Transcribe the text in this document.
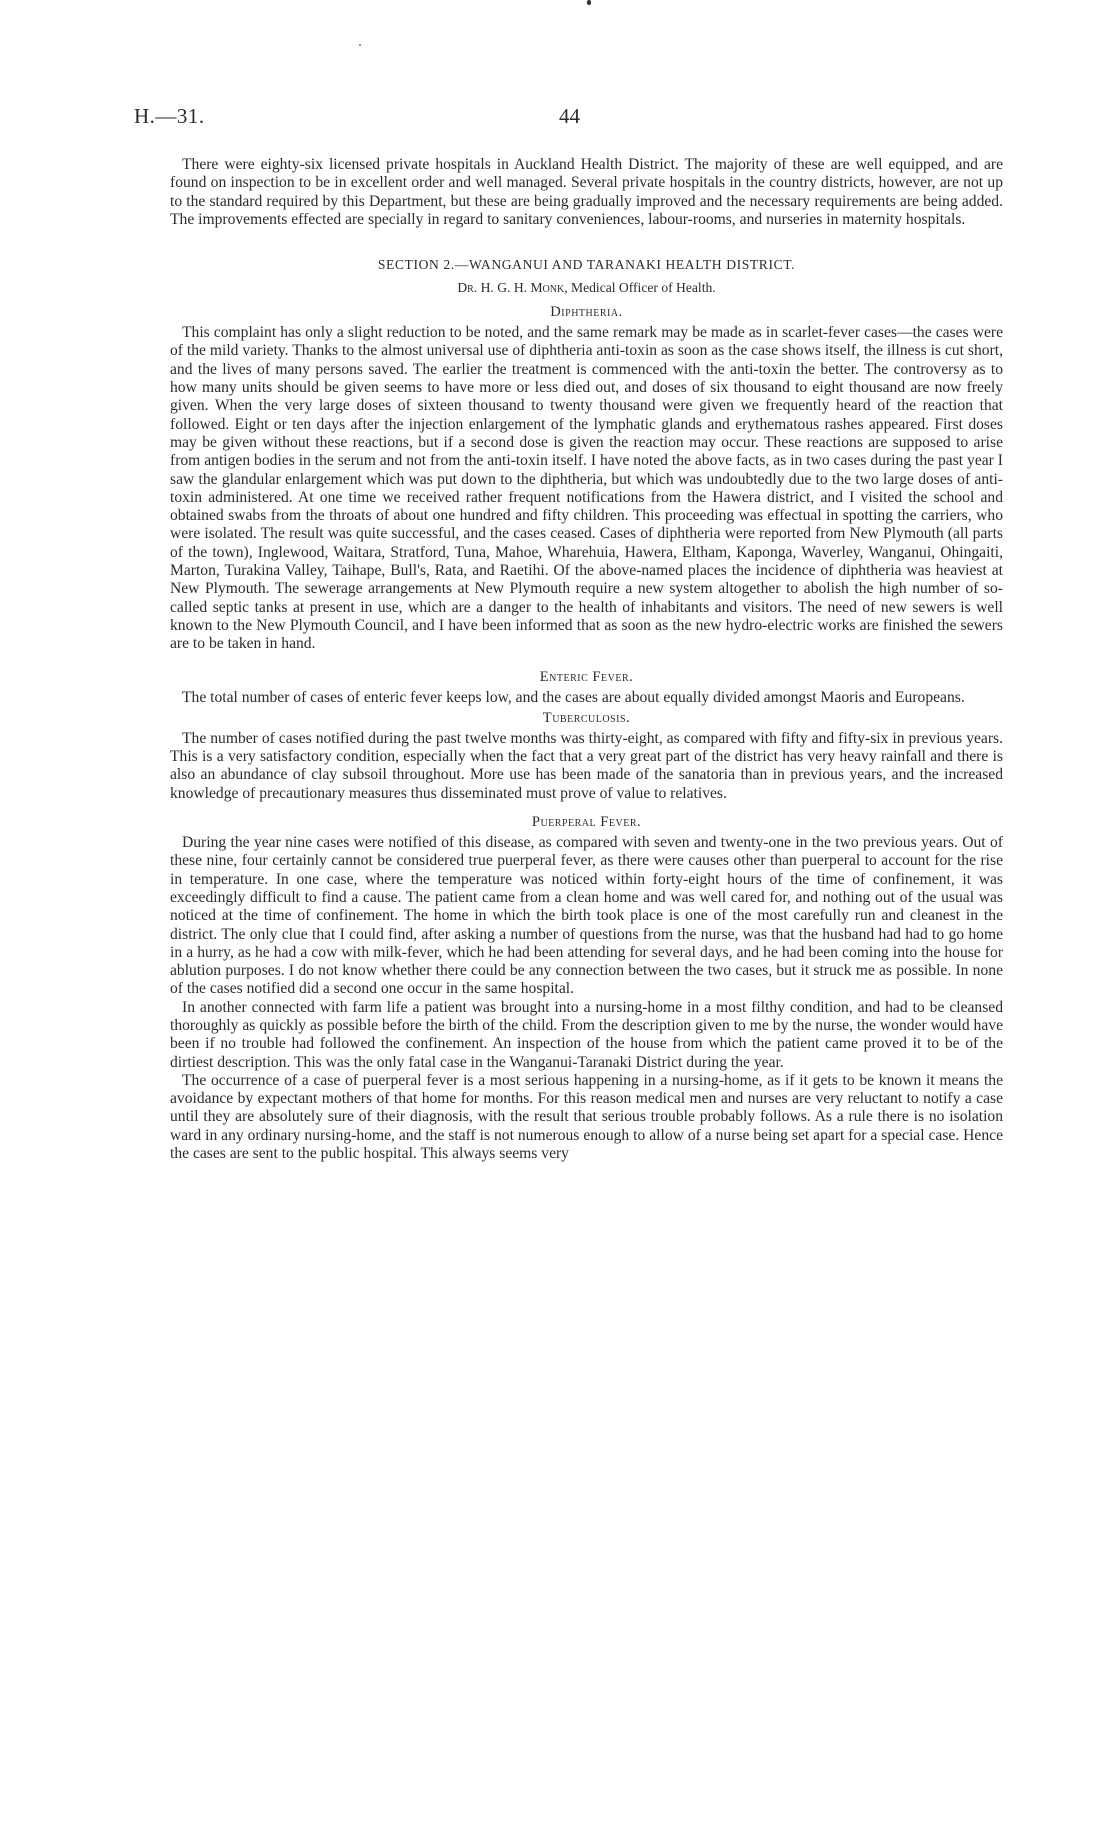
H.—31.	44

There were eighty-six licensed private hospitals in Auckland Health District. The majority of these are well equipped, and are found on inspection to be in excellent order and well managed. Several private hospitals in the country districts, however, are not up to the standard required by this Department, but these are being gradually improved and the necessary requirements are being added. The improvements effected are specially in regard to sanitary conveniences, labour-rooms, and nurseries in maternity hospitals.

SECTION 2.—WANGANUI AND TARANAKI HEALTH DISTRICT.
Dr. H. G. H. Monk, Medical Officer of Health.
Diphtheria.

This complaint has only a slight reduction to be noted, and the same remark may be made as in scarlet-fever cases—the cases were of the mild variety. Thanks to the almost universal use of diphtheria anti-toxin as soon as the case shows itself, the illness is cut short, and the lives of many persons saved. The earlier the treatment is commenced with the anti-toxin the better. The controversy as to how many units should be given seems to have more or less died out, and doses of six thousand to eight thousand are now freely given. When the very large doses of sixteen thousand to twenty thousand were given we frequently heard of the reaction that followed. Eight or ten days after the injection enlargement of the lymphatic glands and erythematous rashes appeared. First doses may be given without these reactions, but if a second dose is given the reaction may occur. These reactions are supposed to arise from antigen bodies in the serum and not from the anti-toxin itself. I have noted the above facts, as in two cases during the past year I saw the glandular enlargement which was put down to the diphtheria, but which was undoubtedly due to the two large doses of anti-toxin administered. At one time we received rather frequent notifications from the Hawera district, and I visited the school and obtained swabs from the throats of about one hundred and fifty children. This proceeding was effectual in spotting the carriers, who were isolated. The result was quite successful, and the cases ceased. Cases of diphtheria were reported from New Plymouth (all parts of the town), Inglewood, Waitara, Stratford, Tuna, Mahoe, Wharehuia, Hawera, Eltham, Kaponga, Waverley, Wanganui, Ohingaiti, Marton, Turakina Valley, Taihape, Bull's, Rata, and Raetihi. Of the above-named places the incidence of diphtheria was heaviest at New Plymouth. The sewerage arrangements at New Plymouth require a new system altogether to abolish the high number of so-called septic tanks at present in use, which are a danger to the health of inhabitants and visitors. The need of new sewers is well known to the New Plymouth Council, and I have been informed that as soon as the new hydro-electric works are finished the sewers are to be taken in hand.

Enteric Fever.

The total number of cases of enteric fever keeps low, and the cases are about equally divided amongst Maoris and Europeans.

Tuberculosis.

The number of cases notified during the past twelve months was thirty-eight, as compared with fifty and fifty-six in previous years. This is a very satisfactory condition, especially when the fact that a very great part of the district has very heavy rainfall and there is also an abundance of clay subsoil throughout. More use has been made of the sanatoria than in previous years, and the increased knowledge of precautionary measures thus disseminated must prove of value to relatives.

Puerperal Fever.

During the year nine cases were notified of this disease, as compared with seven and twenty-one in the two previous years. Out of these nine, four certainly cannot be considered true puerperal fever, as there were causes other than puerperal to account for the rise in temperature. In one case, where the temperature was noticed within forty-eight hours of the time of confinement, it was exceedingly difficult to find a cause. The patient came from a clean home and was well cared for, and nothing out of the usual was noticed at the time of confinement. The home in which the birth took place is one of the most carefully run and cleanest in the district. The only clue that I could find, after asking a number of questions from the nurse, was that the husband had had to go home in a hurry, as he had a cow with milk-fever, which he had been attending for several days, and he had been coming into the house for ablution purposes. I do not know whether there could be any connection between the two cases, but it struck me as possible. In none of the cases notified did a second one occur in the same hospital.

In another connected with farm life a patient was brought into a nursing-home in a most filthy condition, and had to be cleansed thoroughly as quickly as possible before the birth of the child. From the description given to me by the nurse, the wonder would have been if no trouble had followed the confinement. An inspection of the house from which the patient came proved it to be of the dirtiest description. This was the only fatal case in the Wanganui-Taranaki District during the year.

The occurrence of a case of puerperal fever is a most serious happening in a nursing-home, as if it gets to be known it means the avoidance by expectant mothers of that home for months. For this reason medical men and nurses are very reluctant to notify a case until they are absolutely sure of their diagnosis, with the result that serious trouble probably follows. As a rule there is no isolation ward in any ordinary nursing-home, and the staff is not numerous enough to allow of a nurse being set apart for a special case. Hence the cases are sent to the public hospital. This always seems very
